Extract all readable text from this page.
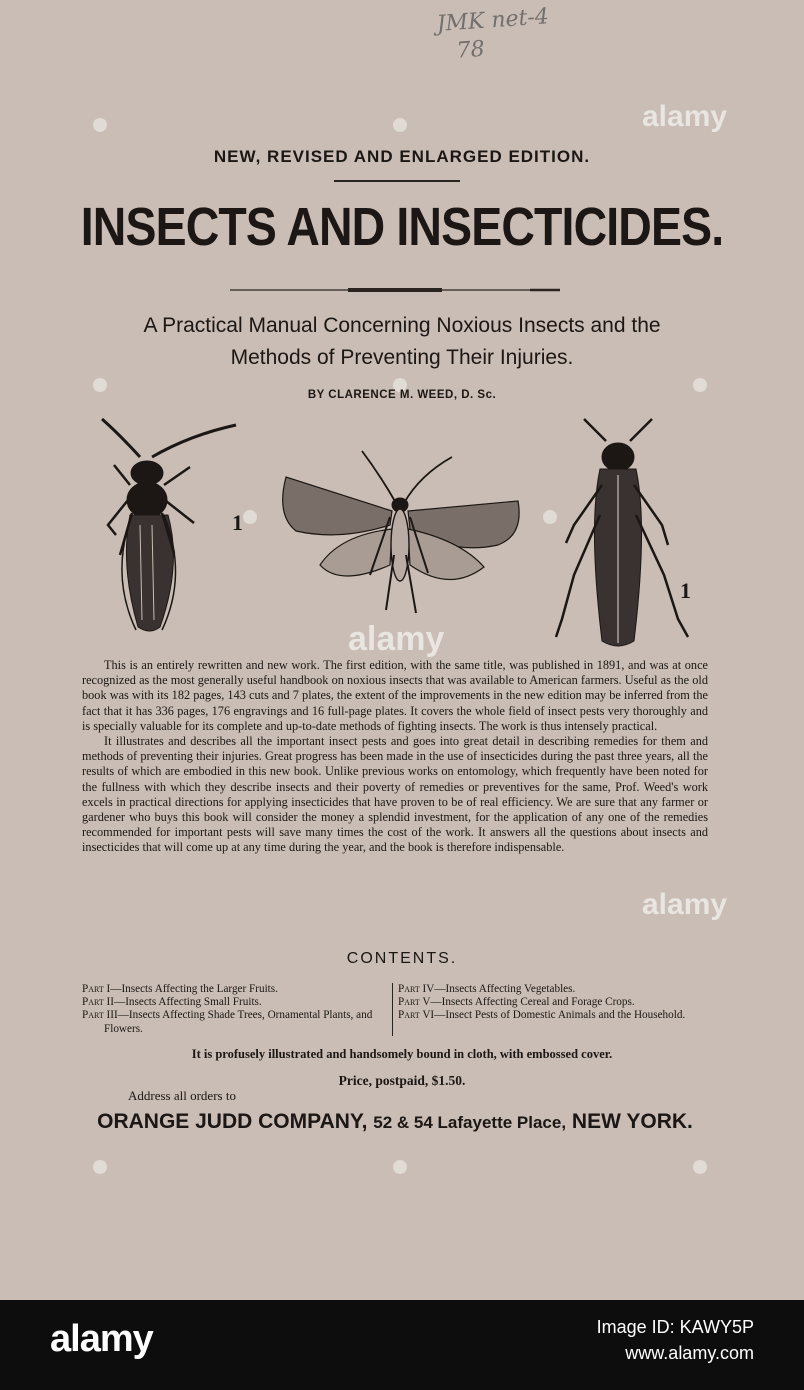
JMK net-4
78
alamy
alamy
alamy
NEW, REVISED AND ENLARGED EDITION.
INSECTS AND INSECTICIDES.
A Practical Manual Concerning Noxious Insects and the
Methods of Preventing Their Injuries.
BY CLARENCE M. WEED, D. Sc.
1
1

This is an entirely rewritten and new work. The first edition, with the same title, was published in 1891, and was at once recognized as the most generally useful handbook on noxious insects that was available to American farmers. Useful as the old book was with its 182 pages, 143 cuts and 7 plates, the extent of the improvements in the new edition may be inferred from the fact that it has 336 pages, 176 engravings and 16 full-page plates. It covers the whole field of insect pests very thoroughly and is specially valuable for its complete and up-to-date methods of fighting insects. The work is thus intensely practical.

It illustrates and describes all the important insect pests and goes into great detail in describing remedies for them and methods of preventing their injuries. Great progress has been made in the use of insecticides during the past three years, all the results of which are embodied in this new book. Unlike previous works on entomology, which frequently have been noted for the fullness with which they describe insects and their poverty of remedies or preventives for the same, Prof. Weed's work excels in practical directions for applying insecticides that have proven to be of real efficiency. We are sure that any farmer or gardener who buys this book will consider the money a splendid investment, for the application of any one of the remedies recommended for important pests will save many times the cost of the work. It answers all the questions about insects and insecticides that will come up at any time during the year, and the book is therefore indispensable.

CONTENTS.
Part I—Insects Affecting the Larger Fruits.
Part II—Insects Affecting Small Fruits.
Part III—Insects Affecting Shade Trees, Ornamental Plants, and Flowers.
Part IV—Insects Affecting Vegetables.
Part V—Insects Affecting Cereal and Forage Crops.
Part VI—Insect Pests of Domestic Animals and the Household.
It is profusely illustrated and handsomely bound in cloth, with embossed cover.
Price, postpaid, $1.50.
Address all orders to
ORANGE JUDD COMPANY, 52 & 54 Lafayette Place, NEW YORK.
alamy	Image ID: KAWY5P
www.alamy.com
